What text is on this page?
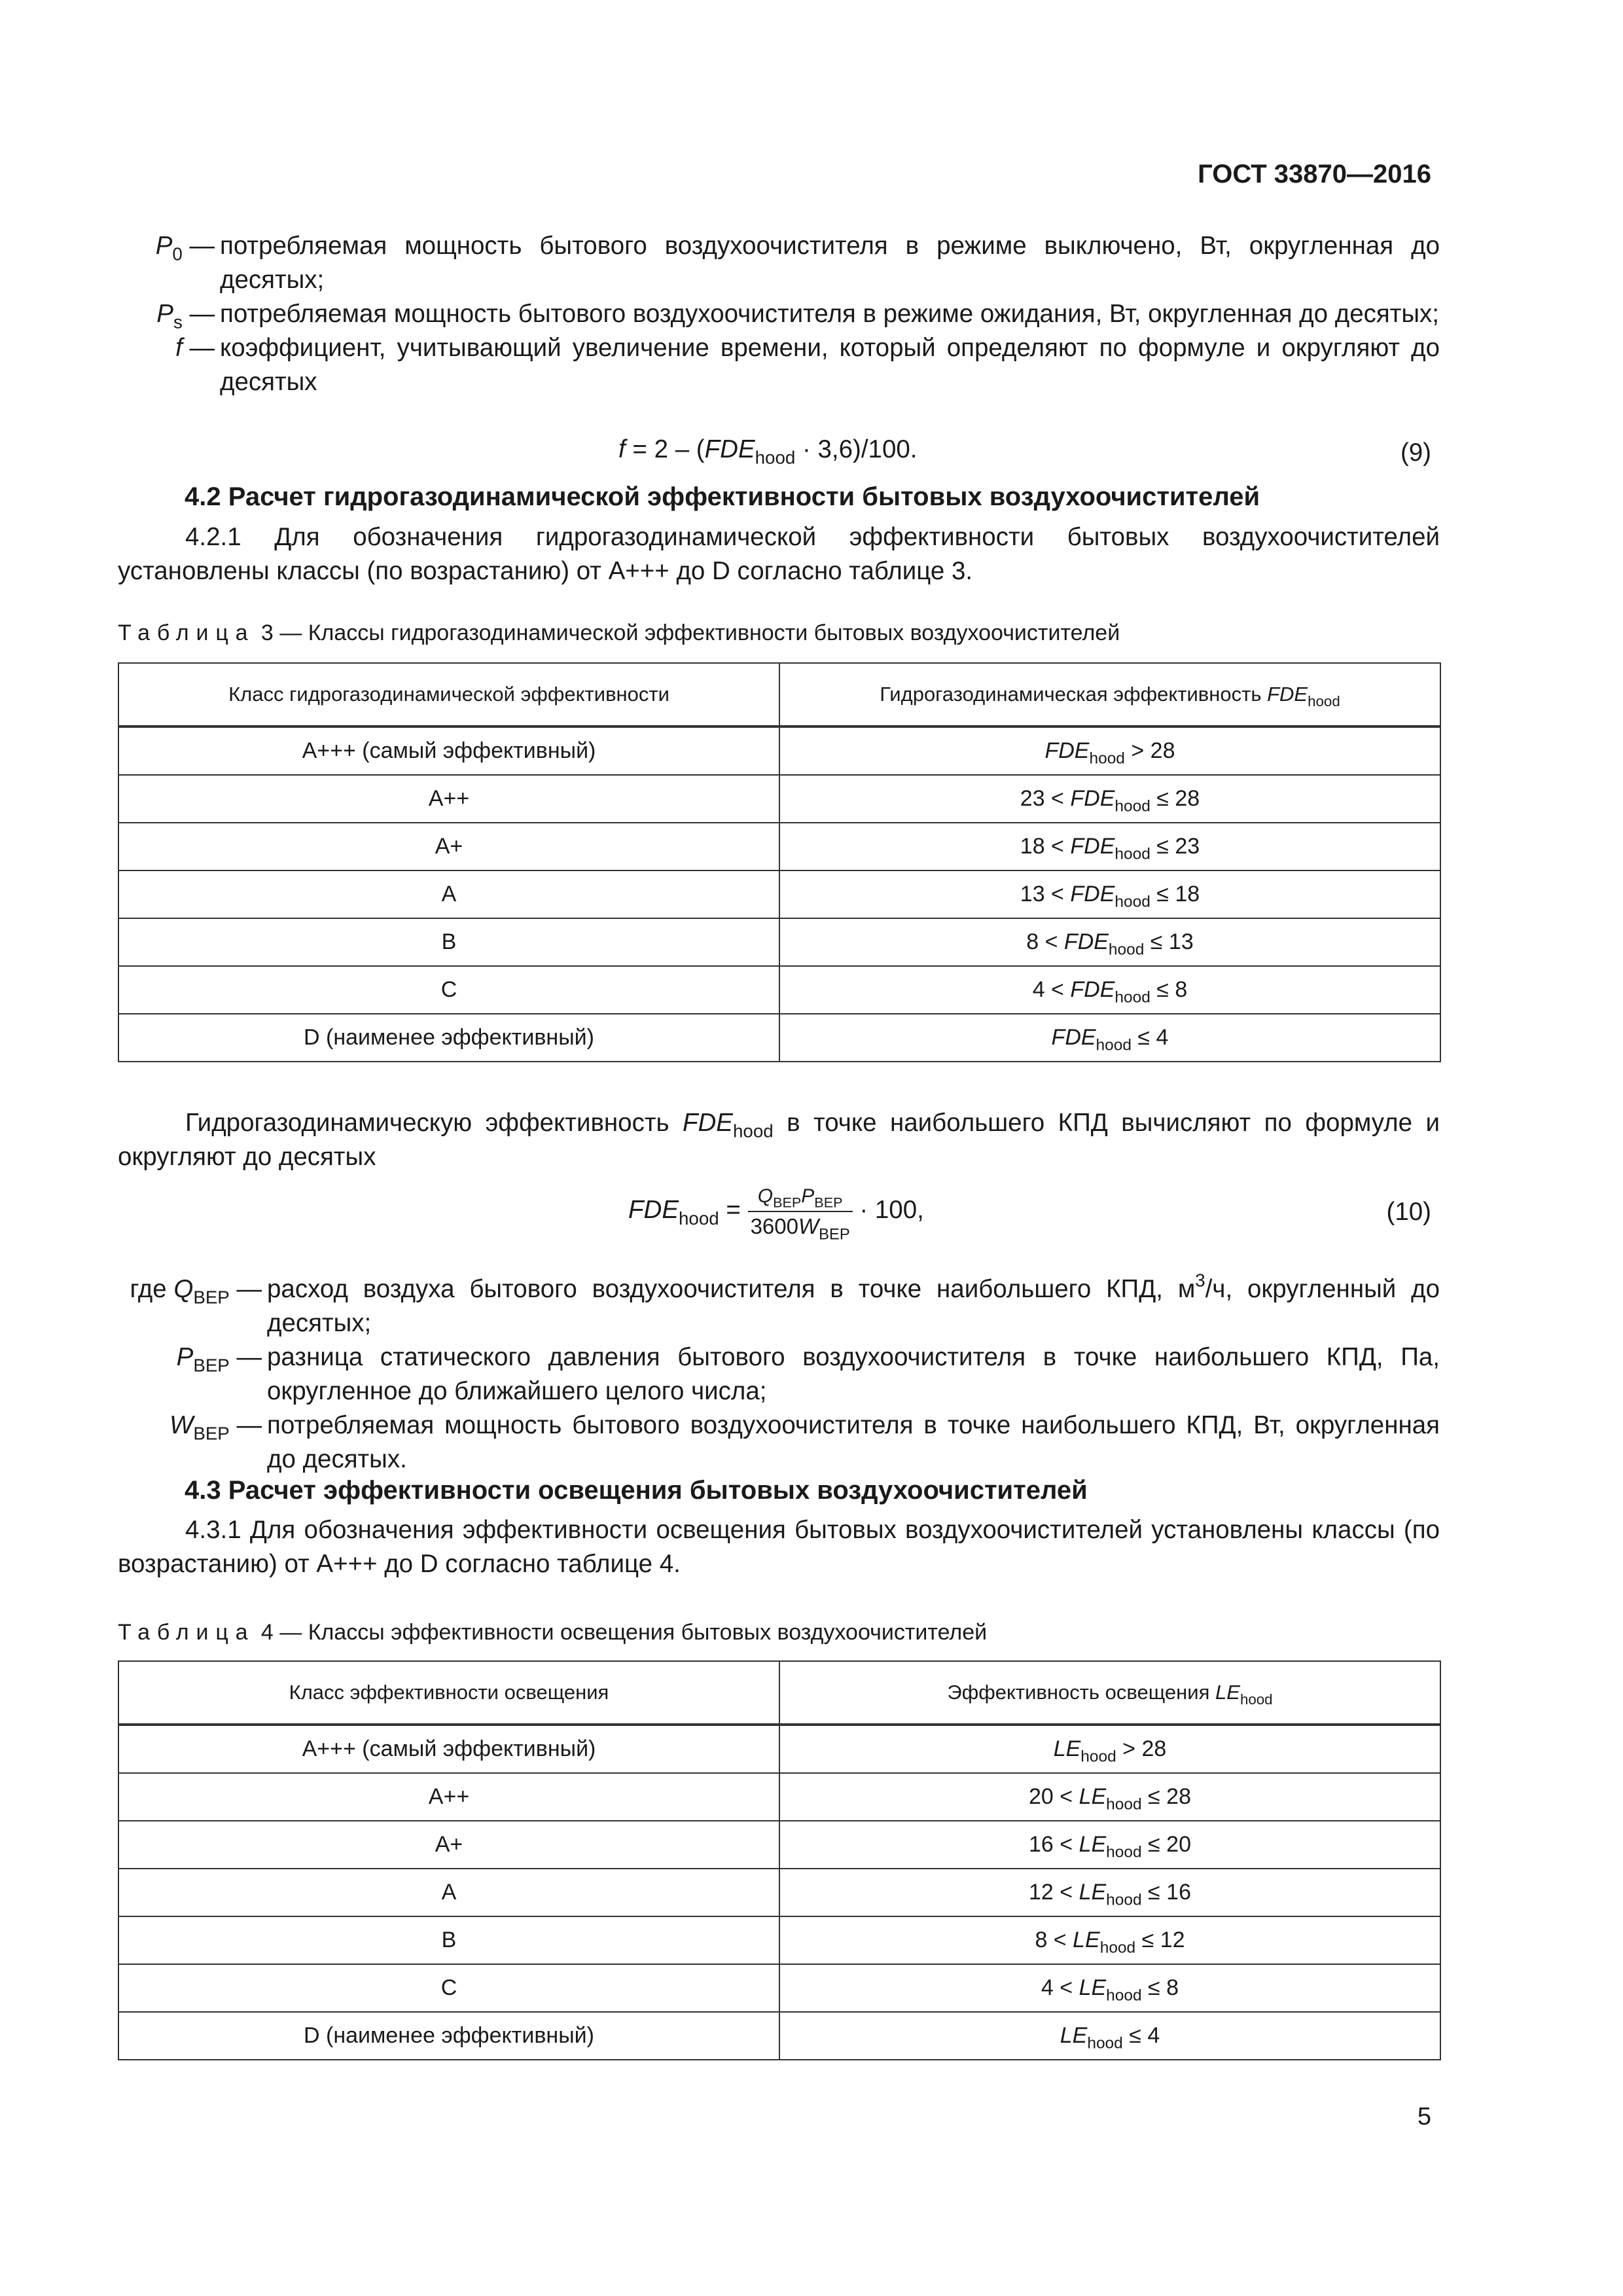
ГОСТ 33870—2016
$P_0$ — потребляемая мощность бытового воздухоочистителя в режиме выключено, Вт, округленная до десятых;
$P_s$ — потребляемая мощность бытового воздухоочистителя в режиме ожидания, Вт, округленная до десятых;
f — коэффициент, учитывающий увеличение времени, который определяют по формуле и округляют до десятых
$f = 2 - (FDE_{hood} \cdot 3,6)/100$.	(9)
4.2 Расчет гидрогазодинамической эффективности бытовых воздухоочистителей
4.2.1 Для обозначения гидрогазодинамической эффективности бытовых воздухоочистителей установлены классы (по возрастанию) от А+++ до D согласно таблице 3.
Таблица 3 — Классы гидрогазодинамической эффективности бытовых воздухоочистителей
Класс гидрогазодинамической эффективности	Гидрогазодинамическая эффективность $FDE_{hood}$
A+++ (самый эффективный)	$FDE_{hood} > 28$
A++	$23 < FDE_{hood} \le 28$
A+	$18 < FDE_{hood} \le 23$
A	$13 < FDE_{hood} \le 18$
B	$8 < FDE_{hood} \le 13$
C	$4 < FDE_{hood} \le 8$
D (наименее эффективный)	$FDE_{hood} \le 4$
Гидрогазодинамическую эффективность $FDE_{hood}$ в точке наибольшего КПД вычисляют по формуле и округляют до десятых
$FDE_{hood} = \frac{Q_{BEP}P_{BEP}}{3600W_{BEP}} \cdot 100$,	(10)
где $Q_{BEP}$ — расход воздуха бытового воздухоочистителя в точке наибольшего КПД, $м^3/ч$, округленный до десятых;
$P_{BEP}$ — разница статического давления бытового воздухоочистителя в точке наибольшего КПД, Па, округленное до ближайшего целого числа;
$W_{BEP}$ — потребляемая мощность бытового воздухоочистителя в точке наибольшего КПД, Вт, округленная до десятых.
4.3 Расчет эффективности освещения бытовых воздухоочистителей
4.3.1 Для обозначения эффективности освещения бытовых воздухоочистителей установлены классы (по возрастанию) от А+++ до D согласно таблице 4.
Таблица 4 — Классы эффективности освещения бытовых воздухоочистителей
Класс эффективности освещения	Эффективность освещения $LE_{hood}$
A+++ (самый эффективный)	$LE_{hood} > 28$
A++	$20 < LE_{hood} \le 28$
A+	$16 < LE_{hood} \le 20$
A	$12 < LE_{hood} \le 16$
B	$8 < LE_{hood} \le 12$
C	$4 < LE_{hood} \le 8$
D (наименее эффективный)	$LE_{hood} \le 4$
5
